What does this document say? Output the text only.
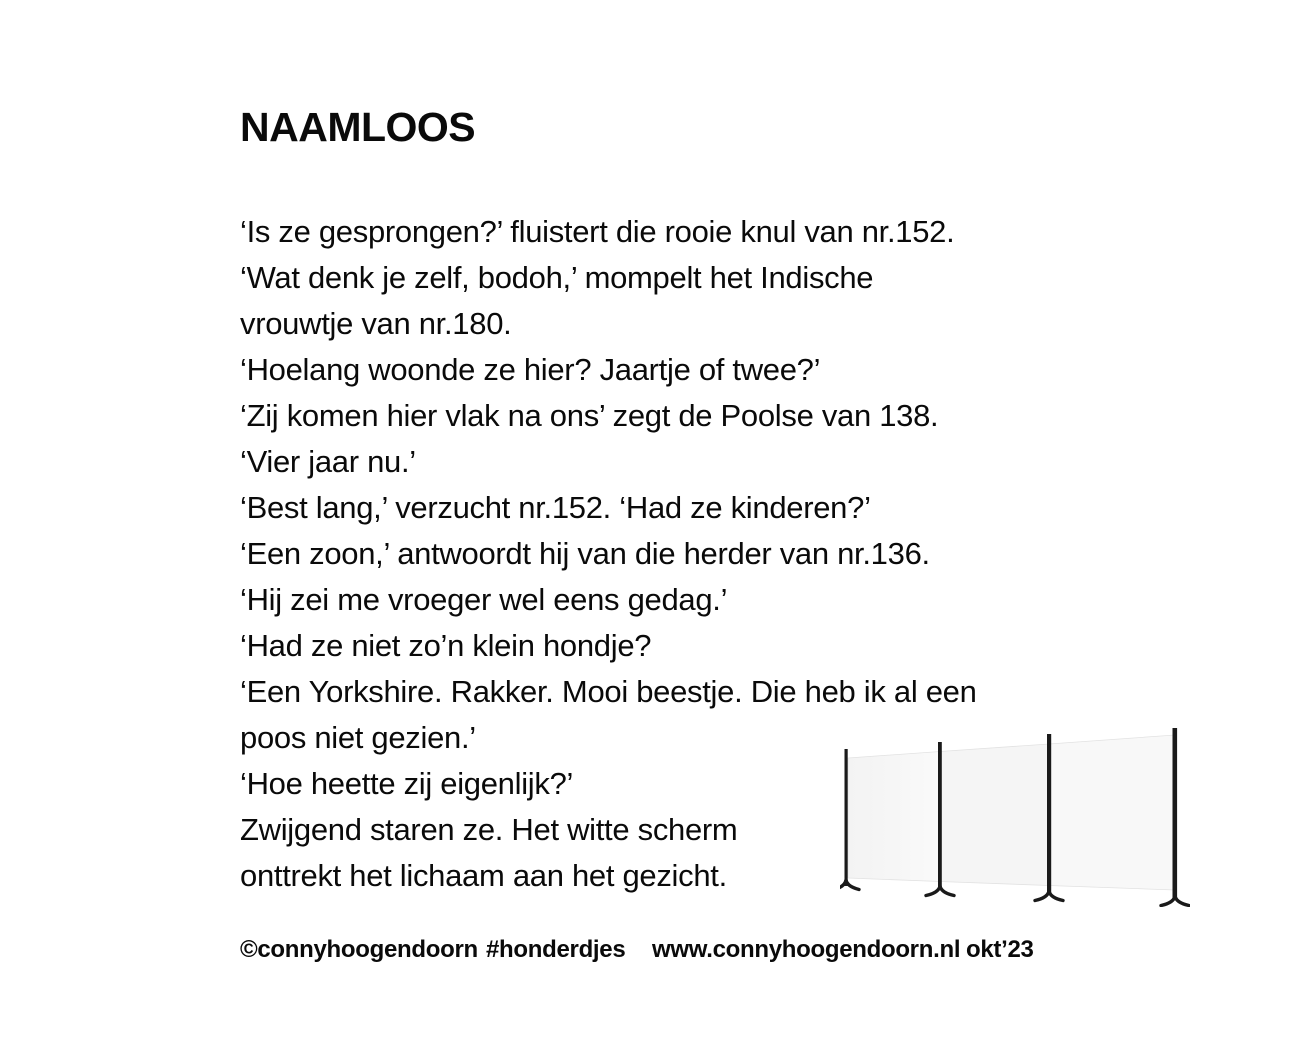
NAAMLOOS
‘Is ze gesprongen?’ fluistert die rooie knul van nr.152.
‘Wat denk je zelf, bodoh,’ mompelt het Indische
vrouwtje van nr.180.
‘Hoelang woonde ze hier? Jaartje of twee?’
‘Zij komen hier vlak na ons’ zegt de Poolse van 138.
‘Vier jaar nu.’
‘Best lang,’ verzucht nr.152. ‘Had ze kinderen?’
‘Een zoon,’ antwoordt hij van die herder van nr.136.
‘Hij zei me vroeger wel eens gedag.’
‘Had ze niet zo’n klein hondje?
‘Een Yorkshire. Rakker. Mooi beestje. Die heb ik al een
poos niet gezien.’
‘Hoe heette zij eigenlijk?’
Zwijgend staren ze. Het witte scherm
onttrekt het lichaam aan het gezicht.
©connyhoogendoorn #honderdjes www.connyhoogendoorn.nl okt’23
